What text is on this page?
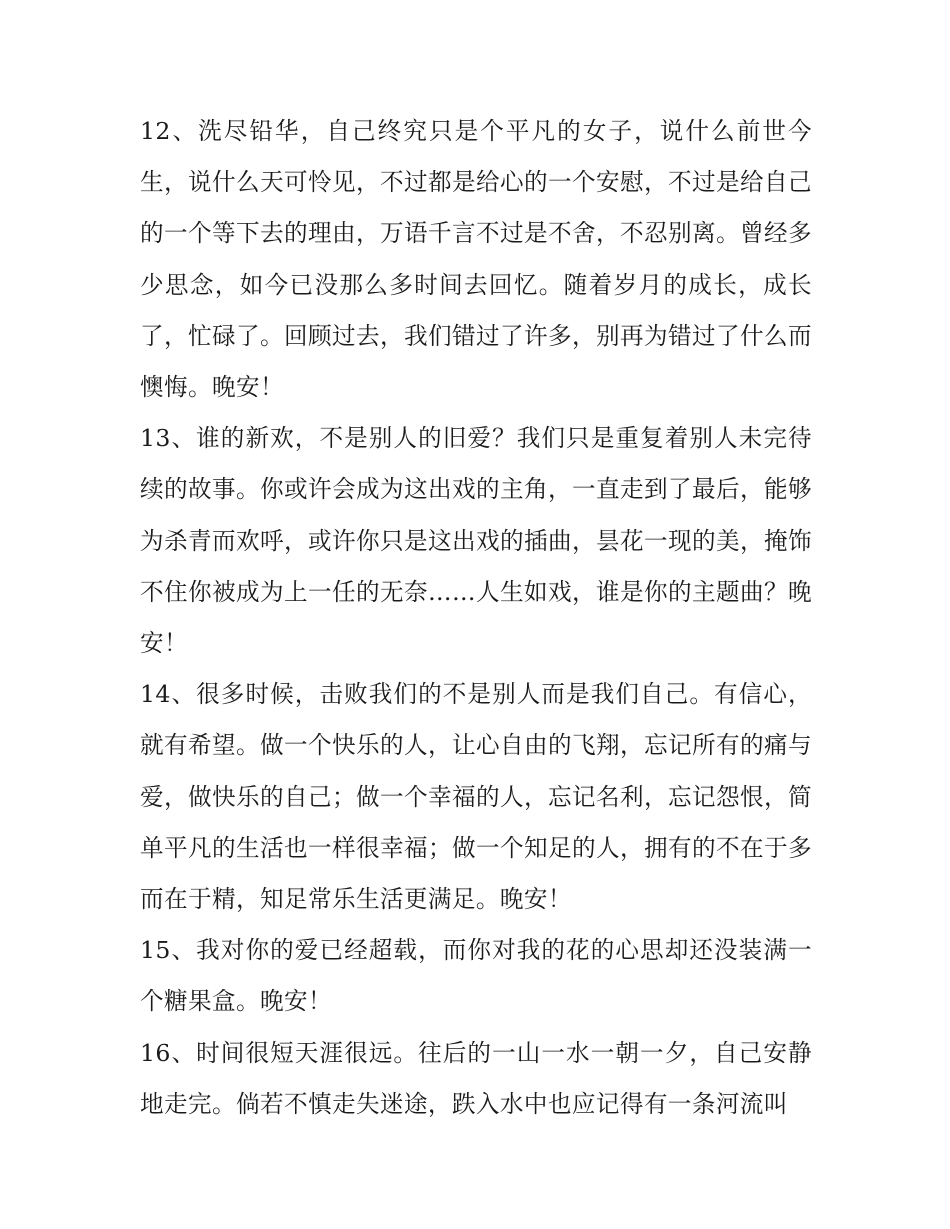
12、洗尽铅华，自己终究只是个平凡的女子，说什么前世今生，说什么天可怜见，不过都是给心的一个安慰，不过是给自己的一个等下去的理由，万语千言不过是不舍，不忍别离。曾经多少思念，如今已没那么多时间去回忆。随着岁月的成长，成长了，忙碌了。回顾过去，我们错过了许多，别再为错过了什么而懊悔。晚安！

13、谁的新欢，不是别人的旧爱？我们只是重复着别人未完待续的故事。你或许会成为这出戏的主角，一直走到了最后，能够为杀青而欢呼，或许你只是这出戏的插曲，昙花一现的美，掩饰不住你被成为上一任的无奈……人生如戏，谁是你的主题曲？晚安！

14、很多时候，击败我们的不是别人而是我们自己。有信心，就有希望。做一个快乐的人，让心自由的飞翔，忘记所有的痛与爱，做快乐的自己；做一个幸福的人，忘记名利，忘记怨恨，简单平凡的生活也一样很幸福；做一个知足的人，拥有的不在于多而在于精，知足常乐生活更满足。晚安！

15、我对你的爱已经超载，而你对我的花的心思却还没装满一个糖果盒。晚安！

16、时间很短天涯很远。往后的一山一水一朝一夕，自己安静地走完。倘若不慎走失迷途，跌入水中也应记得有一条河流叫
